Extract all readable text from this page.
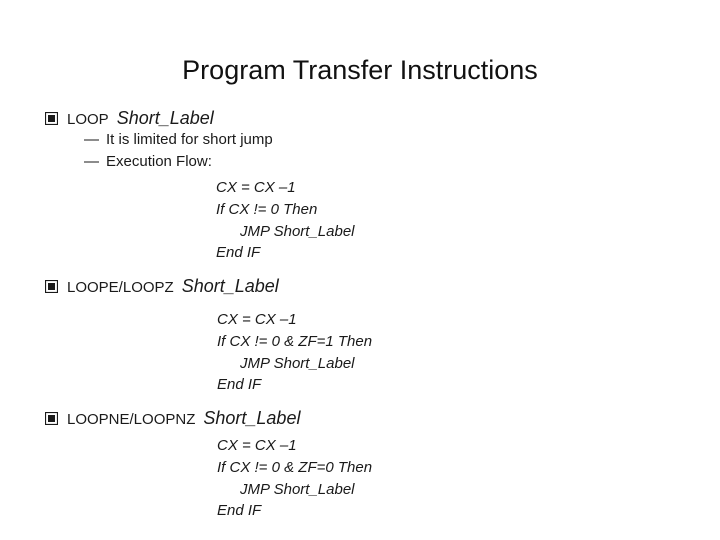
Program Transfer Instructions
LOOP Short_Label
— It is limited for short jump
— Execution Flow:
CX = CX –1
If CX != 0 Then
JMP Short_Label
End IF
LOOPE/LOOPZ Short_Label
CX = CX –1
If CX != 0 & ZF=1 Then
JMP Short_Label
End IF
LOOPNE/LOOPNZ Short_Label
CX = CX –1
If CX != 0 & ZF=0 Then
JMP Short_Label
End IF
